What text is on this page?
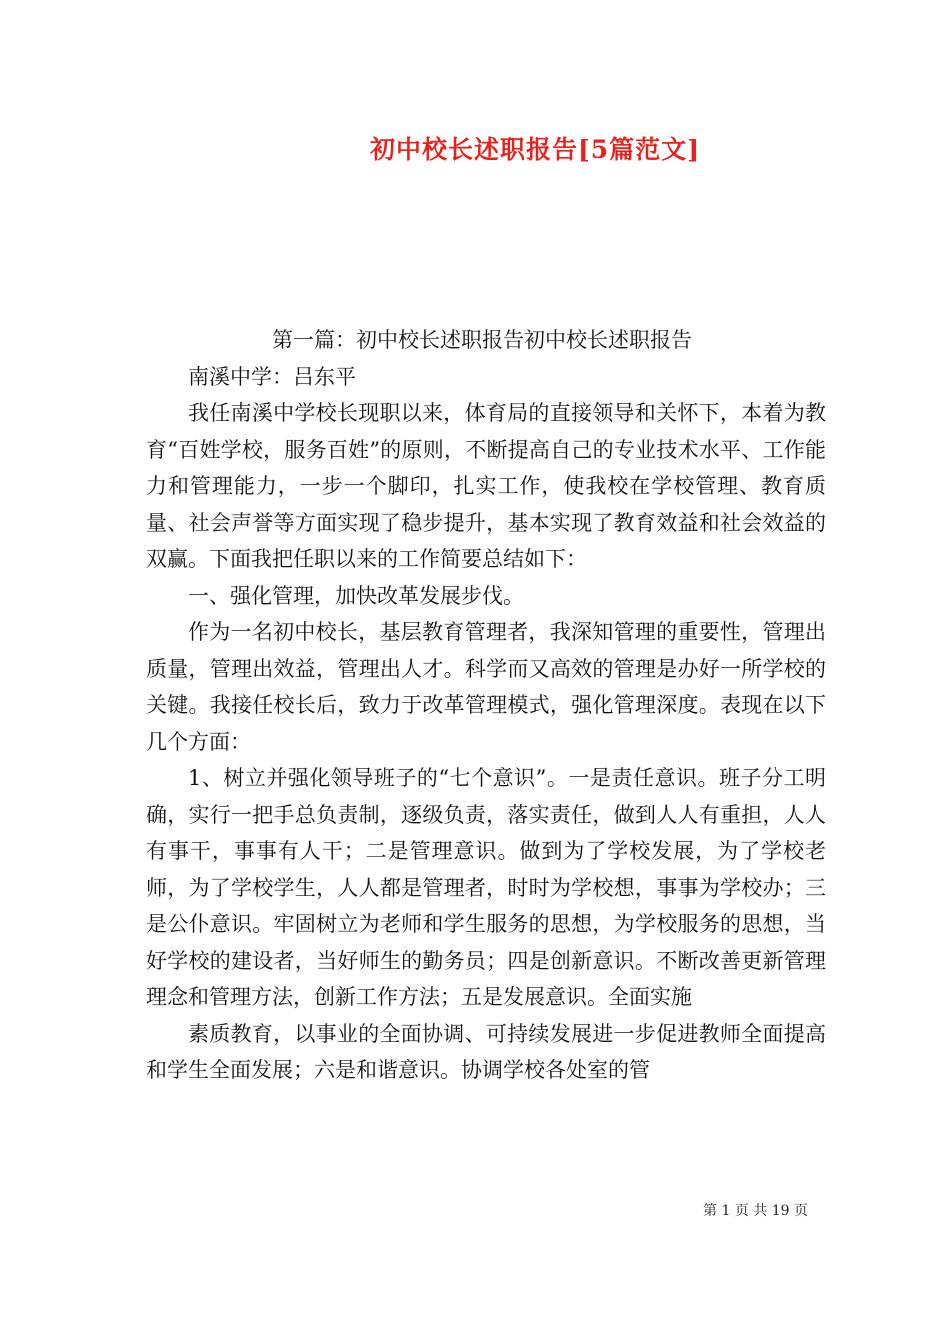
初中校长述职报告[5篇范文]

第一篇：初中校长述职报告初中校长述职报告

南溪中学：吕东平

我任南溪中学校长现职以来，体育局的直接领导和关怀下，本着为教育“百姓学校，服务百姓”的原则，不断提高自己的专业技术水平、工作能力和管理能力，一步一个脚印，扎实工作，使我校在学校管理、教育质量、社会声誉等方面实现了稳步提升，基本实现了教育效益和社会效益的双赢。下面我把任职以来的工作简要总结如下：

一、强化管理，加快改革发展步伐。

作为一名初中校长，基层教育管理者，我深知管理的重要性，管理出质量，管理出效益，管理出人才。科学而又高效的管理是办好一所学校的关键。我接任校长后，致力于改革管理模式，强化管理深度。表现在以下几个方面：

1、树立并强化领导班子的“七个意识”。一是责任意识。班子分工明确，实行一把手总负责制，逐级负责，落实责任，做到人人有重担，人人有事干，事事有人干；二是管理意识。做到为了学校发展，为了学校老师，为了学校学生，人人都是管理者，时时为学校想，事事为学校办；三是公仆意识。牢固树立为老师和学生服务的思想，为学校服务的思想，当好学校的建设者，当好师生的勤务员；四是创新意识。不断改善更新管理理念和管理方法，创新工作方法；五是发展意识。全面实施

素质教育，以事业的全面协调、可持续发展进一步促进教师全面提高和学生全面发展；六是和谐意识。协调学校各处室的管

第 1 页 共 19 页
